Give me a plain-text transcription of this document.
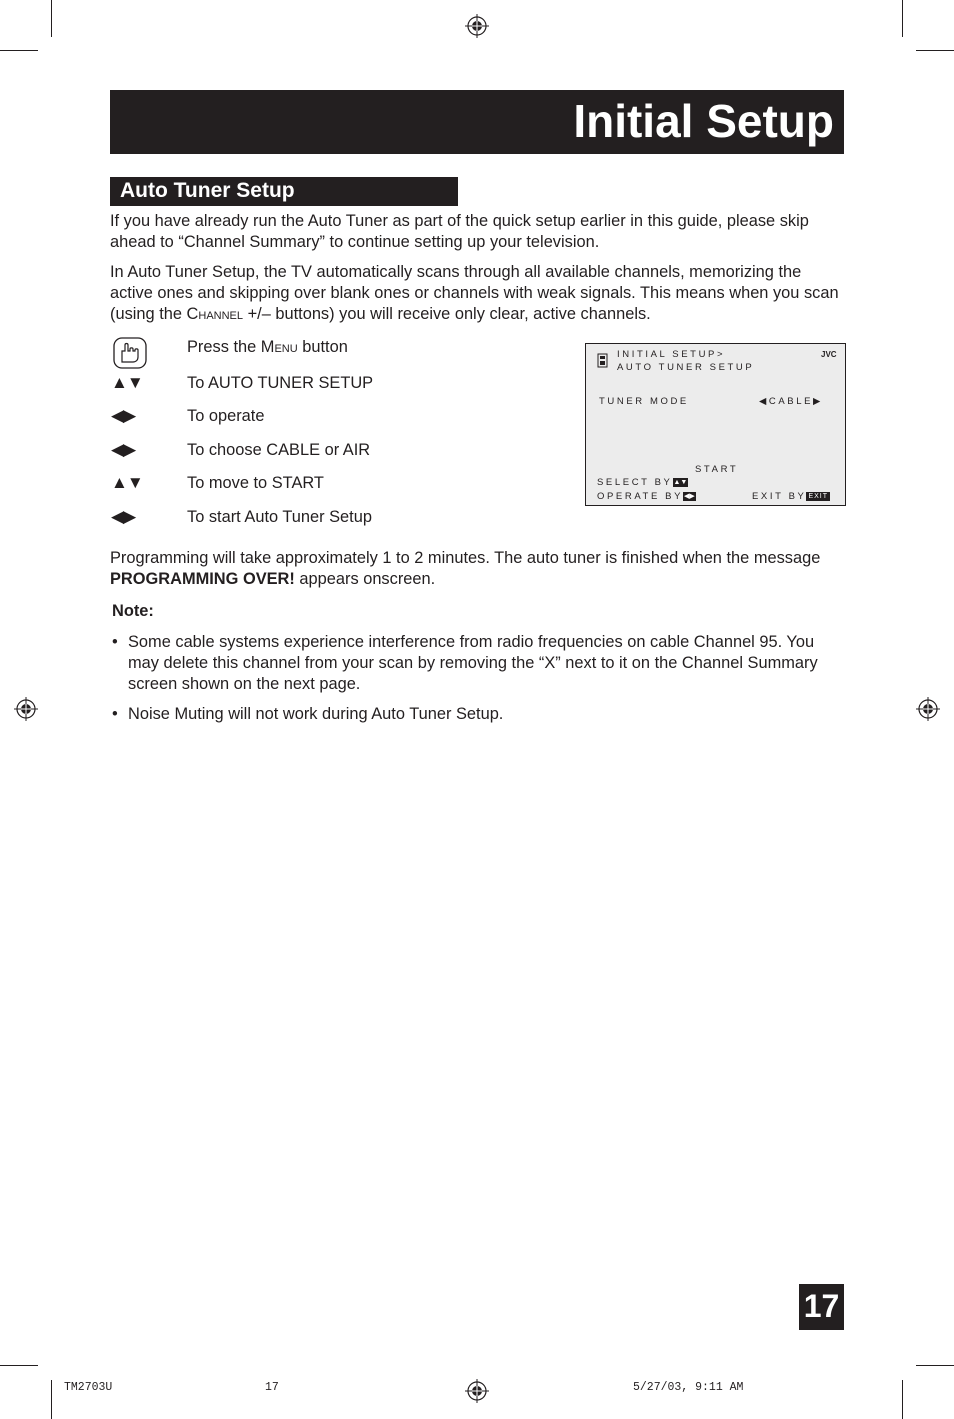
Initial Setup
Auto Tuner Setup
If you have already run the Auto Tuner as part of the quick setup earlier in this guide, please skip ahead to “Channel Summary” to continue setting up your television.
In Auto Tuner Setup, the TV automatically scans through all available channels, memorizing the active ones and skipping over blank ones or channels with weak signals. This means when you scan (using the Channel +/– buttons) you will receive only clear, active channels.
Press the Menu button
▲▼	To AUTO TUNER SETUP
◀▶	To operate
◀▶	To choose CABLE or AIR
▲▼	To move to START
◀▶	To start Auto Tuner Setup
INITIAL SETUP>
AUTO TUNER SETUP
JVC
TUNER MODE	◀CABLE▶
START
SELECT BY▲▼
OPERATE BY◀▶	EXIT BY EXIT
Programming will take approximately 1 to 2 minutes. The auto tuner is finished when the message PROGRAMMING OVER! appears onscreen.
Note:
• Some cable systems experience interference from radio frequencies on cable Channel 95. You may delete this channel from your scan by removing the “X” next to it on the Channel Summary screen shown on the next page.
• Noise Muting will not work during Auto Tuner Setup.
17
TM2703U	17	5/27/03, 9:11 AM
